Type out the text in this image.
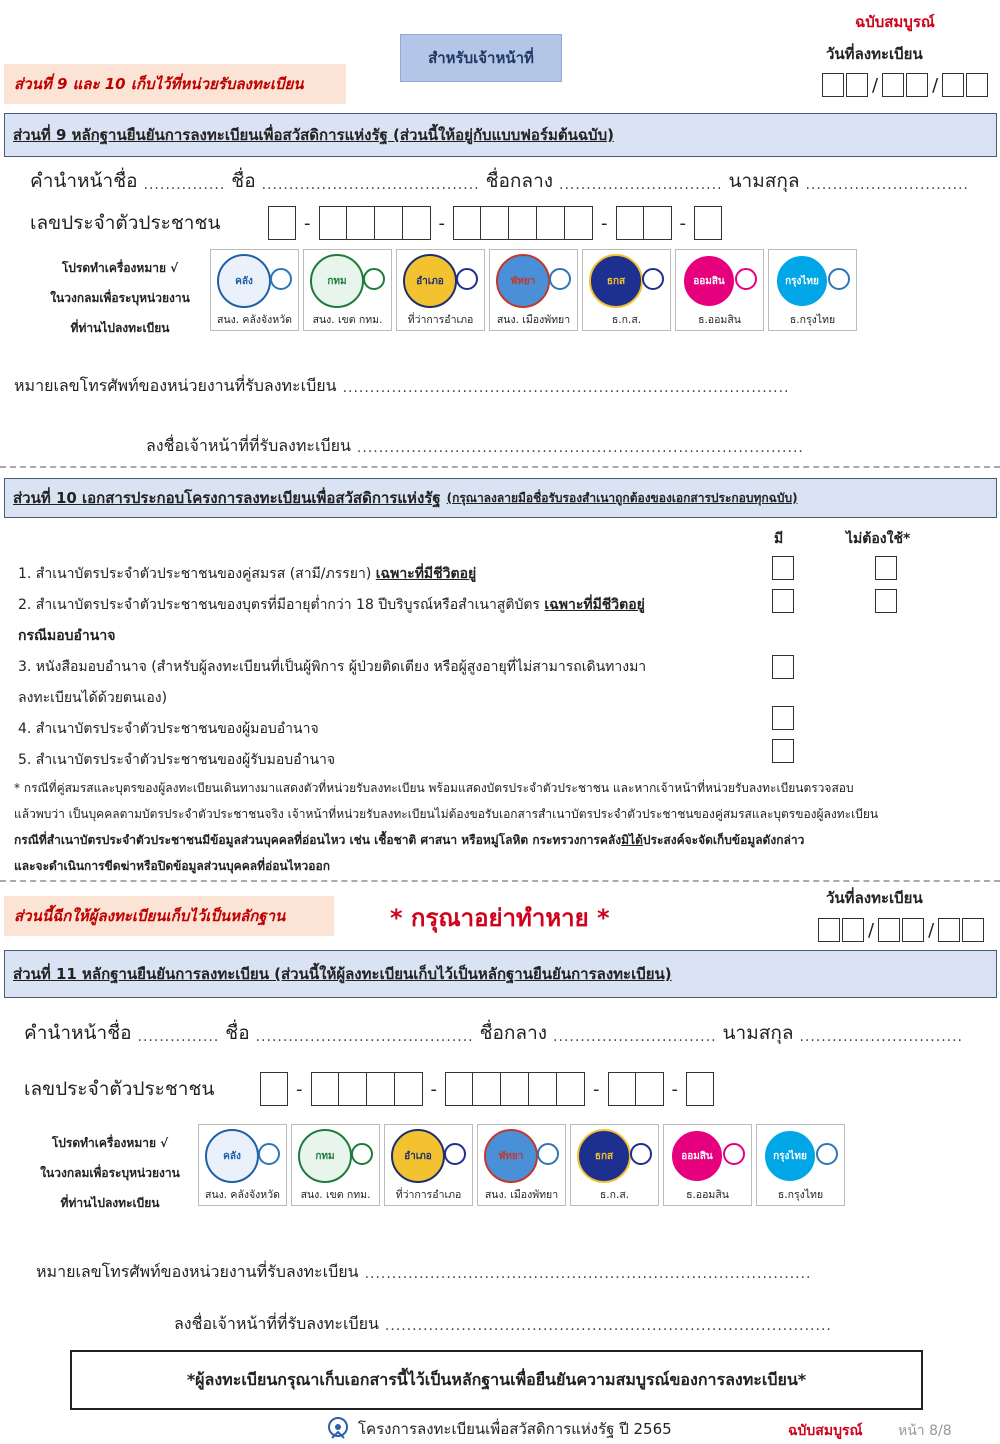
ฉบับสมบูรณ์
วันที่ลงทะเบียน
/	/
สำหรับเจ้าหน้าที่
ส่วนที่ 9 และ 10 เก็บไว้ที่หน่วยรับลงทะเบียน
ส่วนที่ 9 หลักฐานยืนยันการลงทะเบียนเพื่อสวัสดิการแห่งรัฐ (ส่วนนี้ให้อยู่กับแบบฟอร์มต้นฉบับ)
คำนำหน้าชื่อ ............... ชื่อ ........................................ ชื่อกลาง .............................. นามสกุล ..............................
เลขประจำตัวประชาชน	-	-	-	-
โปรดทำเครื่องหมาย √
ในวงกลมเพื่อระบุหน่วยงาน
ที่ท่านไปลงทะเบียน
คลัง
สนง. คลังจังหวัด
กทม
สนง. เขต กทม.
อำเภอ
ที่ว่าการอำเภอ
พัทยา
สนง. เมืองพัทยา
ธกส
ธ.ก.ส.
ออมสิน
ธ.ออมสิน
กรุงไทย
ธ.กรุงไทย
หมายเลขโทรศัพท์ของหน่วยงานที่รับลงทะเบียน ..................................................................................
ลงชื่อเจ้าหน้าที่ที่รับลงทะเบียน ..................................................................................
ส่วนที่ 10 เอกสารประกอบโครงการลงทะเบียนเพื่อสวัสดิการแห่งรัฐ (กรุณาลงลายมือชื่อรับรองสำเนาถูกต้องของเอกสารประกอบทุกฉบับ)
มี	ไม่ต้องใช้*
1. สำเนาบัตรประจำตัวประชาชนของคู่สมรส (สามี/ภรรยา) เฉพาะที่มีชีวิตอยู่
2. สำเนาบัตรประจำตัวประชาชนของบุตรที่มีอายุต่ำกว่า 18 ปีบริบูรณ์หรือสำเนาสูติบัตร เฉพาะที่มีชีวิตอยู่
กรณีมอบอำนาจ
3. หนังสือมอบอำนาจ (สำหรับผู้ลงทะเบียนที่เป็นผู้พิการ ผู้ป่วยติดเตียง หรือผู้สูงอายุที่ไม่สามารถเดินทางมา
ลงทะเบียนได้ด้วยตนเอง)
4. สำเนาบัตรประจำตัวประชาชนของผู้มอบอำนาจ
5. สำเนาบัตรประจำตัวประชาชนของผู้รับมอบอำนาจ
* กรณีที่คู่สมรสและบุตรของผู้ลงทะเบียนเดินทางมาแสดงตัวที่หน่วยรับลงทะเบียน พร้อมแสดงบัตรประจำตัวประชาชน และหากเจ้าหน้าที่หน่วยรับลงทะเบียนตรวจสอบ
แล้วพบว่า เป็นบุคคลตามบัตรประจำตัวประชาชนจริง เจ้าหน้าที่หน่วยรับลงทะเบียนไม่ต้องขอรับเอกสารสำเนาบัตรประจำตัวประชาชนของคู่สมรสและบุตรของผู้ลงทะเบียน
กรณีที่สำเนาบัตรประจำตัวประชาชนมีข้อมูลส่วนบุคคลที่อ่อนไหว เช่น เชื้อชาติ ศาสนา หรือหมู่โลหิต กระทรวงการคลังมิได้ประสงค์จะจัดเก็บข้อมูลดังกล่าว
และจะดำเนินการขีดฆ่าหรือปิดข้อมูลส่วนบุคคลที่อ่อนไหวออก
ส่วนนี้ฉีกให้ผู้ลงทะเบียนเก็บไว้เป็นหลักฐาน	* กรุณาอย่าทำหาย *
วันที่ลงทะเบียน
/	/
ส่วนที่ 11 หลักฐานยืนยันการลงทะเบียน (ส่วนนี้ให้ผู้ลงทะเบียนเก็บไว้เป็นหลักฐานยืนยันการลงทะเบียน)
คำนำหน้าชื่อ ............... ชื่อ ........................................ ชื่อกลาง .............................. นามสกุล ..............................
เลขประจำตัวประชาชน	-	-	-	-
โปรดทำเครื่องหมาย √
ในวงกลมเพื่อระบุหน่วยงาน
ที่ท่านไปลงทะเบียน
คลัง
สนง. คลังจังหวัด
กทม
สนง. เขต กทม.
อำเภอ
ที่ว่าการอำเภอ
พัทยา
สนง. เมืองพัทยา
ธกส
ธ.ก.ส.
ออมสิน
ธ.ออมสิน
กรุงไทย
ธ.กรุงไทย
หมายเลขโทรศัพท์ของหน่วยงานที่รับลงทะเบียน ..................................................................................
ลงชื่อเจ้าหน้าที่ที่รับลงทะเบียน ..................................................................................
*ผู้ลงทะเบียนกรุณาเก็บเอกสารนี้ไว้เป็นหลักฐานเพื่อยืนยันความสมบูรณ์ของการลงทะเบียน*
โครงการลงทะเบียนเพื่อสวัสดิการแห่งรัฐ ปี 2565	ฉบับสมบูรณ์	หน้า 8/8
